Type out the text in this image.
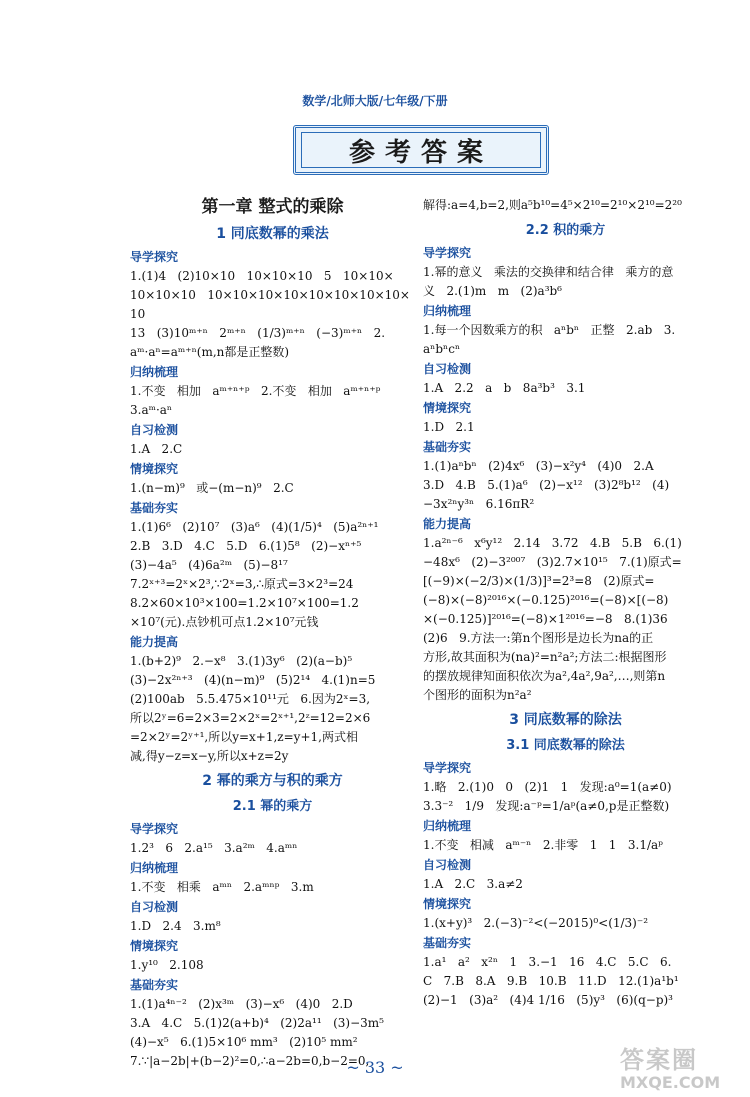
数学/北师大版/七年级/下册
参考答案
第一章 整式的乘除
1 同底数幂的乘法
导学探究
1.(1)4   (2)10×10   10×10×10   5   10×10×
10×10×10   10×10×10×10×10×10×10×10×10
13   (3)10ᵐ⁺ⁿ   2ᵐ⁺ⁿ   (1/3)ᵐ⁺ⁿ   (−3)ᵐ⁺ⁿ   2.
aᵐ·aⁿ=aᵐ⁺ⁿ(m,n都是正整数)
归纳梳理
1.不变   相加   aᵐ⁺ⁿ⁺ᵖ   2.不变   相加   aᵐ⁺ⁿ⁺ᵖ
3.aᵐ·aⁿ
自习检测
1.A   2.C
情境探究
1.(n−m)⁹   或−(m−n)⁹   2.C
基础夯实
1.(1)6⁶   (2)10⁷   (3)a⁶   (4)(1/5)⁴   (5)a²ⁿ⁺¹
2.B   3.D   4.C   5.D   6.(1)5⁸   (2)−xⁿ⁺⁵
(3)−4a⁵   (4)6a²ᵐ   (5)−8¹⁷
7.2ˣ⁺³=2ˣ×2³,∵2ˣ=3,∴原式=3×2³=24
8.2×60×10³×100=1.2×10⁷×100=1.2
×10⁷(元).点钞机可点1.2×10⁷元钱
能力提高
1.(b+2)⁹   2.−x⁸   3.(1)3y⁶   (2)(a−b)⁵
(3)−2x²ⁿ⁺³   (4)(n−m)⁹   (5)2¹⁴   4.(1)n=5
(2)100ab   5.5.475×10¹¹元   6.因为2ˣ=3,
所以2ʸ=6=2×3=2×2ˣ=2ˣ⁺¹,2ᶻ=12=2×6
=2×2ʸ=2ʸ⁺¹,所以y=x+1,z=y+1,两式相
减,得y−z=x−y,所以x+z=2y
2 幂的乘方与积的乘方
2.1 幂的乘方
导学探究
1.2³   6   2.a¹⁵   3.a²ᵐ   4.aᵐⁿ
归纳梳理
1.不变   相乘   aᵐⁿ   2.aᵐⁿᵖ   3.m
自习检测
1.D   2.4   3.m⁸
情境探究
1.y¹⁰   2.108
基础夯实
1.(1)a⁴ⁿ⁻²   (2)x³ᵐ   (3)−x⁶   (4)0   2.D
3.A   4.C   5.(1)2(a+b)⁴   (2)2a¹¹   (3)−3m⁵
(4)−x⁵   6.(1)5×10⁶ mm³   (2)10⁵ mm²
7.∵|a−2b|+(b−2)²=0,∴a−2b=0,b−2=0,
解得:a=4,b=2,则a⁵b¹⁰=4⁵×2¹⁰=2¹⁰×2¹⁰=2²⁰
2.2 积的乘方
导学探究
1.幂的意义   乘法的交换律和结合律   乘方的意
义   2.(1)m   m   (2)a³b⁶
归纳梳理
1.每一个因数乘方的积   aⁿbⁿ   正整   2.ab   3.
aⁿbⁿcⁿ
自习检测
1.A   2.2   a   b   8a³b³   3.1
情境探究
1.D   2.1
基础夯实
1.(1)aⁿbⁿ   (2)4x⁶   (3)−x²y⁴   (4)0   2.A
3.D   4.B   5.(1)a⁶   (2)−x¹²   (3)2⁸b¹²   (4)
−3x²ⁿy³ⁿ   6.16πR²
能力提高
1.a²ⁿ⁻⁶   x⁶y¹²   2.14   3.72   4.B   5.B   6.(1)
−48x⁶   (2)−3²⁰⁰⁷   (3)2.7×10¹⁵   7.(1)原式=
[(−9)×(−2/3)×(1/3)]³=2³=8   (2)原式=
(−8)×(−8)²⁰¹⁶×(−0.125)²⁰¹⁶=(−8)×[(−8)
×(−0.125)]²⁰¹⁶=(−8)×1²⁰¹⁶=−8   8.(1)36
(2)6   9.方法一:第n个图形是边长为na的正
方形,故其面积为(na)²=n²a²;方法二:根据图形
的摆放规律知面积依次为a²,4a²,9a²,…,则第n
个图形的面积为n²a²
3 同底数幂的除法
3.1 同底数幂的除法
导学探究
1.略   2.(1)0   0   (2)1   1   发现:a⁰=1(a≠0)
3.3⁻²   1/9   发现:a⁻ᵖ=1/aᵖ(a≠0,p是正整数)
归纳梳理
1.不变   相减   aᵐ⁻ⁿ   2.非零   1   1   3.1/aᵖ
自习检测
1.A   2.C   3.a≠2
情境探究
1.(x+y)³   2.(−3)⁻²<(−2015)⁰<(1/3)⁻²
基础夯实
1.a¹   a²   x²ⁿ   1   3.−1   16   4.C   5.C   6.
C   7.B   8.A   9.B   10.B   11.D   12.(1)a¹b¹
(2)−1   (3)a²   (4)4 1/16   (5)y³   (6)(q−p)³
~ 33 ~	答案圈
MXQE.COM
